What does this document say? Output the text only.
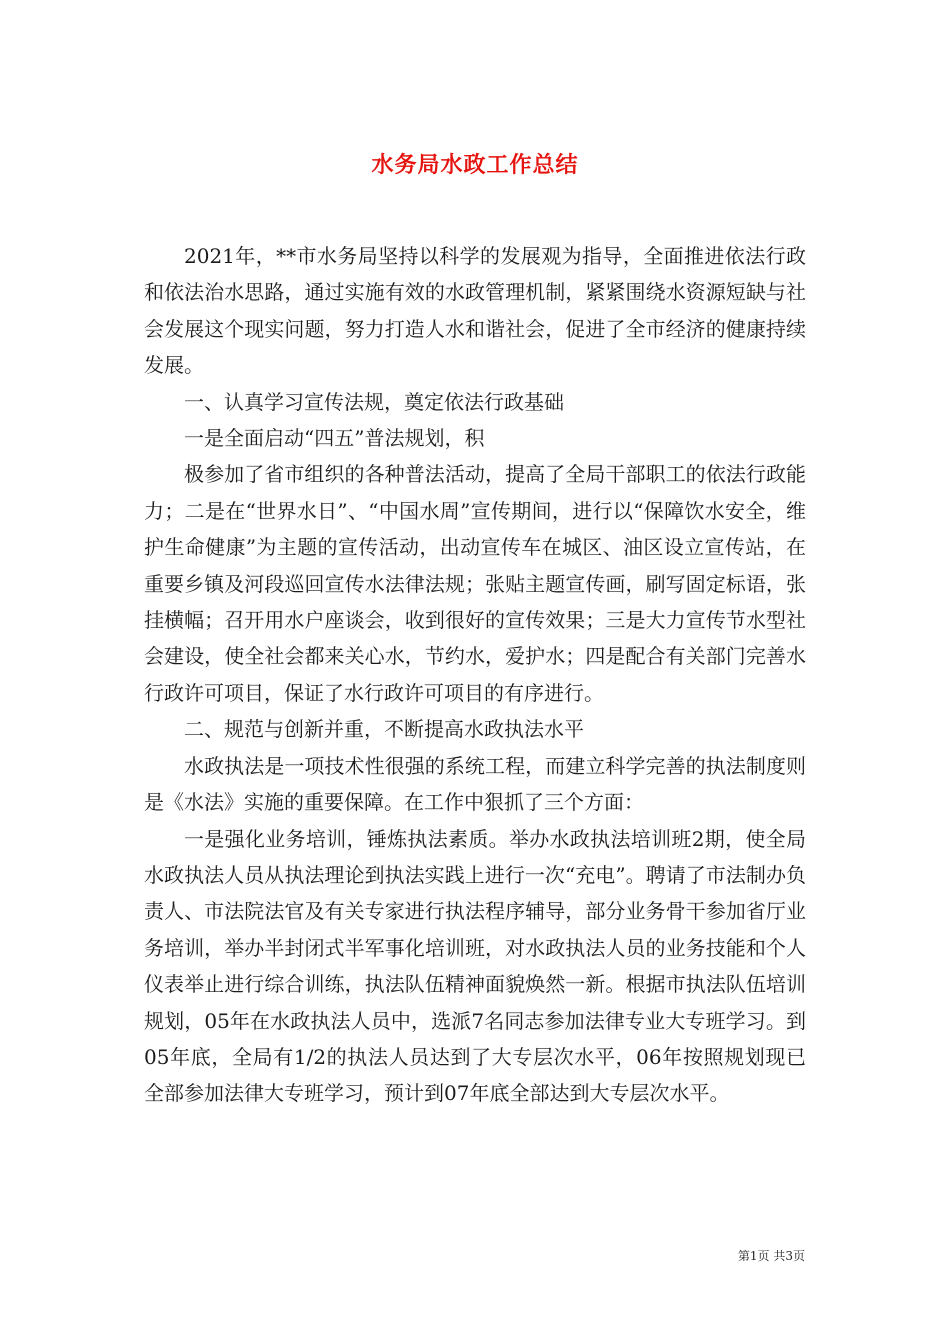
水务局水政工作总结

2021年，**市水务局坚持以科学的发展观为指导，全面推进依法行政和依法治水思路，通过实施有效的水政管理机制，紧紧围绕水资源短缺与社会发展这个现实问题，努力打造人水和谐社会，促进了全市经济的健康持续发展。

一、认真学习宣传法规，奠定依法行政基础

一是全面启动“四五”普法规划，积

极参加了省市组织的各种普法活动，提高了全局干部职工的依法行政能力；二是在“世界水日”、“中国水周”宣传期间，进行以“保障饮水安全，维护生命健康”为主题的宣传活动，出动宣传车在城区、油区设立宣传站，在重要乡镇及河段巡回宣传水法律法规；张贴主题宣传画，刷写固定标语，张挂横幅；召开用水户座谈会，收到很好的宣传效果；三是大力宣传节水型社会建设，使全社会都来关心水，节约水，爱护水；四是配合有关部门完善水行政许可项目，保证了水行政许可项目的有序进行。

二、规范与创新并重，不断提高水政执法水平

水政执法是一项技术性很强的系统工程，而建立科学完善的执法制度则是《水法》实施的重要保障。在工作中狠抓了三个方面：

一是强化业务培训，锤炼执法素质。举办水政执法培训班2期，使全局水政执法人员从执法理论到执法实践上进行一次“充电”。聘请了市法制办负责人、市法院法官及有关专家进行执法程序辅导，部分业务骨干参加省厅业务培训，举办半封闭式半军事化培训班，对水政执法人员的业务技能和个人仪表举止进行综合训练，执法队伍精神面貌焕然一新。根据市执法队伍培训规划，05年在水政执法人员中，选派7名同志参加法律专业大专班学习。到05年底，全局有1/2的执法人员达到了大专层次水平，06年按照规划现已全部参加法律大专班学习，预计到07年底全部达到大专层次水平。

第1页 共3页
